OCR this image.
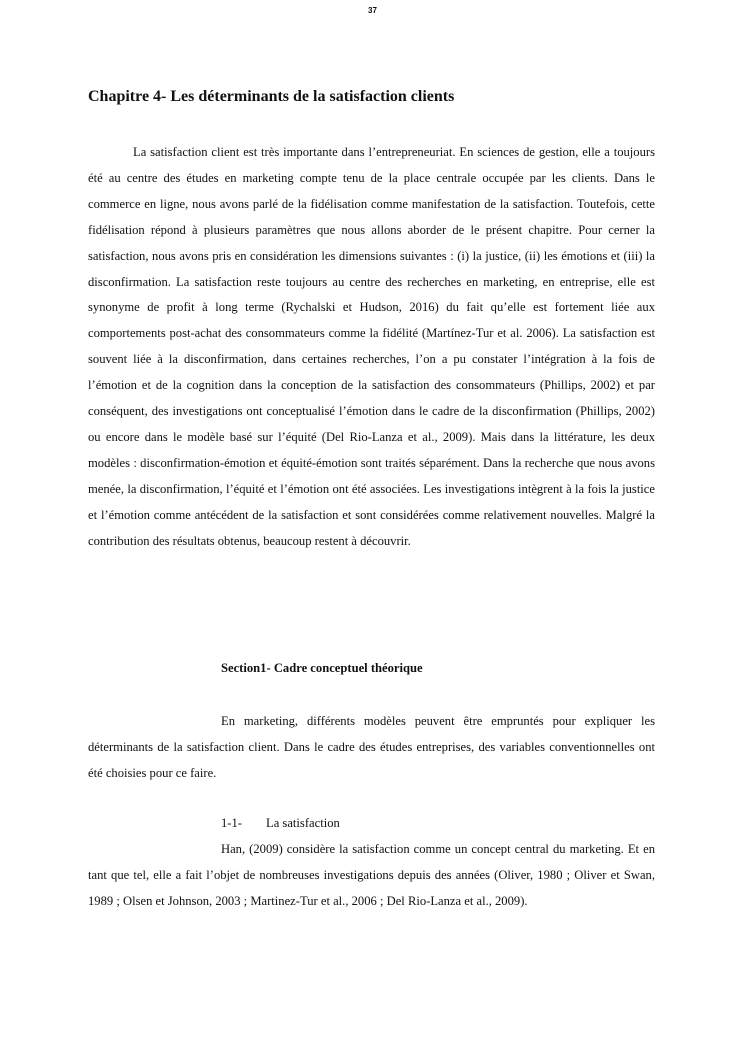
37
Chapitre 4- Les déterminants de la satisfaction clients

La satisfaction client est très importante dans l’entrepreneuriat. En sciences de gestion, elle a toujours été au centre des études en marketing compte tenu de la place centrale occupée par les clients. Dans le commerce en ligne, nous avons parlé de la fidélisation comme manifestation de la satisfaction. Toutefois, cette fidélisation répond à plusieurs paramètres que nous allons aborder de le présent chapitre. Pour cerner la satisfaction, nous avons pris en considération les dimensions suivantes : (i) la justice, (ii) les émotions et (iii) la disconfirmation. La satisfaction reste toujours au centre des recherches en marketing, en entreprise, elle est synonyme de profit à long terme (Rychalski et Hudson, 2016) du fait qu’elle est fortement liée aux comportements post-achat des consommateurs comme la fidélité (Martínez-Tur et al. 2006). La satisfaction est souvent liée à la disconfirmation, dans certaines recherches, l’on a pu constater l’intégration à la fois de l’émotion et de la cognition dans la conception de la satisfaction des consommateurs (Phillips, 2002) et par conséquent, des investigations ont conceptualisé l’émotion dans le cadre de la disconfirmation (Phillips, 2002) ou encore dans le modèle basé sur l’équité (Del Rio-Lanza et al., 2009). Mais dans la littérature, les deux modèles : disconfirmation-émotion et équité-émotion sont traités séparément. Dans la recherche que nous avons menée, la disconfirmation, l’équité et l’émotion ont été associées. Les investigations intègrent à la fois la justice et l’émotion comme antécédent de la satisfaction et sont considérées comme relativement nouvelles. Malgré la contribution des résultats obtenus, beaucoup restent à découvrir.

Section1- Cadre conceptuel théorique

En marketing, différents modèles peuvent être empruntés pour expliquer les déterminants de la satisfaction client. Dans le cadre des études entreprises, des variables conventionnelles ont été choisies pour ce faire.

1-1- La satisfaction

Han, (2009) considère la satisfaction comme un concept central du marketing. Et en tant que tel, elle a fait l’objet de nombreuses investigations depuis des années (Oliver, 1980 ; Oliver et Swan, 1989 ; Olsen et Johnson, 2003 ; Martinez-Tur et al., 2006 ; Del Rio-Lanza et al., 2009).
